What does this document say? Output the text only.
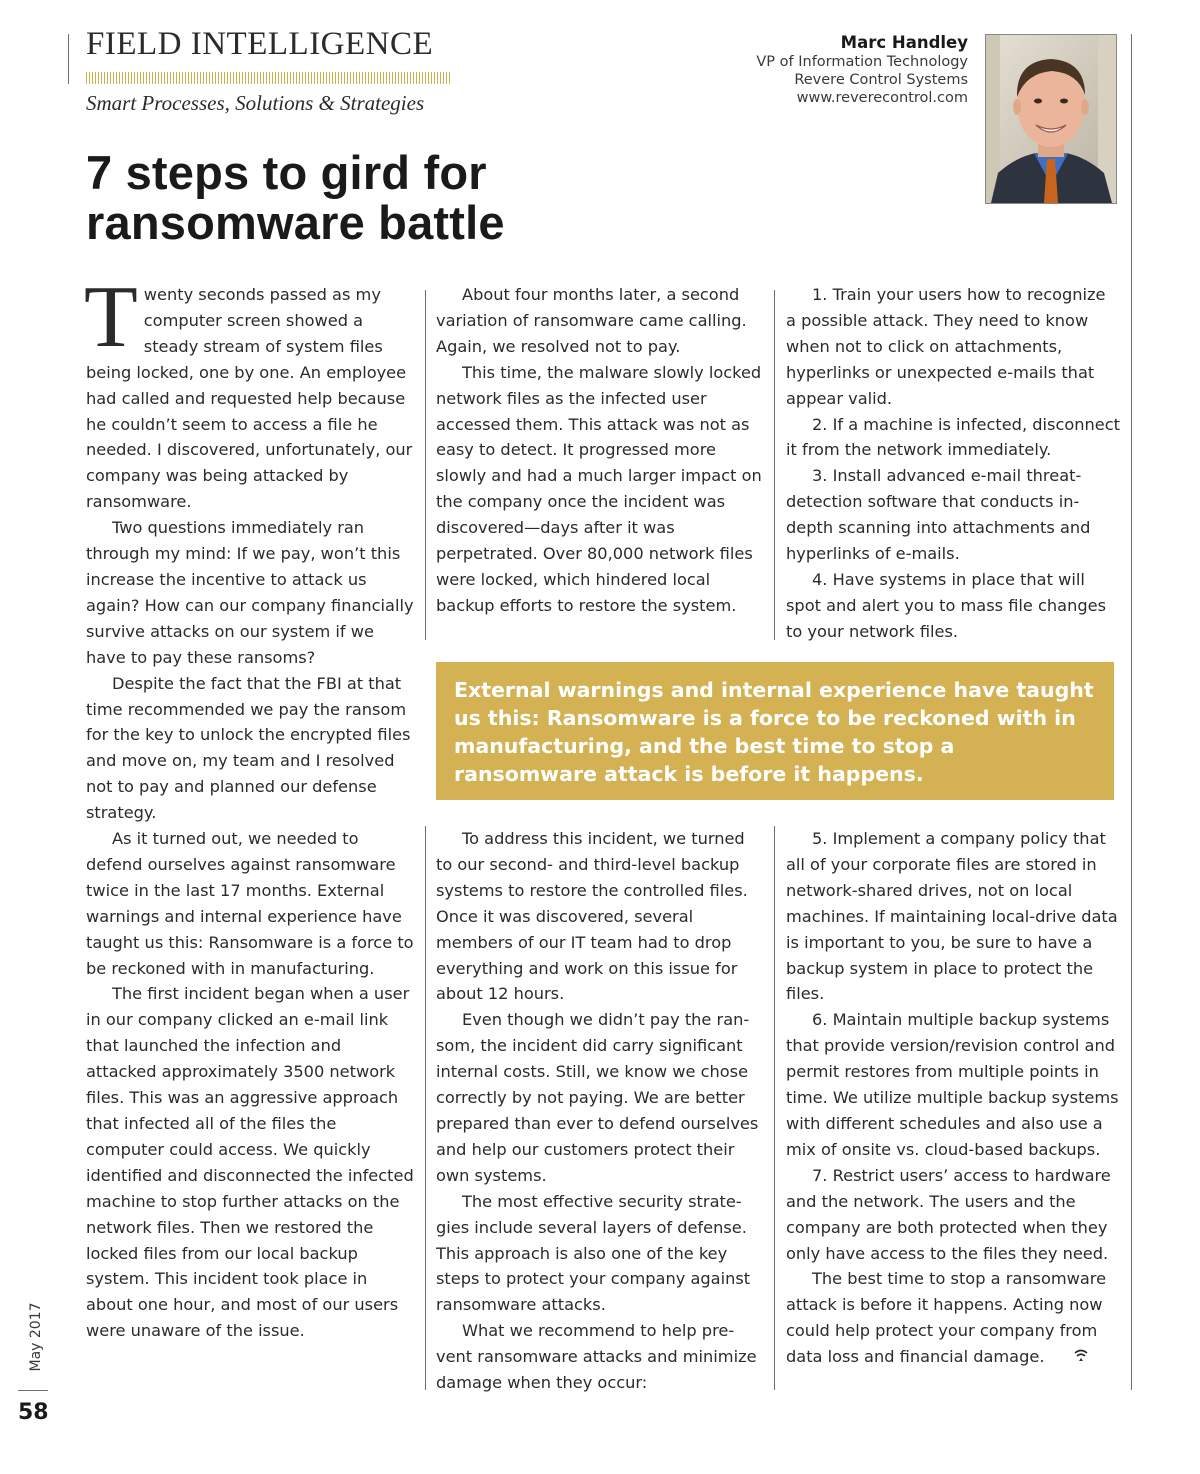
FIELD INTELLIGENCE

Smart Processes, Solutions & Strategies

Marc Handley
VP of Information Technology
Revere Control Systems
www.reverecontrol.com
7 steps to gird for
ransomware battle

Twenty seconds passed as my computer screen showed a steady stream of system files being locked, one by one. An employee had called and requested help because he couldn’t seem to access a file he needed. I discovered, unfortunately, our company was being attacked by ransomware.

Two questions immediately ran through my mind: If we pay, won’t this increase the incentive to attack us again? How can our company financially survive attacks on our system if we have to pay these ransoms?

Despite the fact that the FBI at that time recommended we pay the ransom for the key to unlock the encrypted files and move on, my team and I resolved not to pay and planned our defense strategy.

As it turned out, we needed to defend ourselves against ransomware twice in the last 17 months. External warnings and internal experience have taught us this: Ransomware is a force to be reckoned with in manufacturing.

The first incident began when a user in our company clicked an e-mail link that launched the infection and attacked approximately 3500 network files. This was an aggressive approach that infected all of the files the computer could access. We quickly identified and disconnected the infected machine to stop further attacks on the network files. Then we restored the locked files from our local backup system. This incident took place in about one hour, and most of our users were unaware of the issue.

About four months later, a second variation of ransomware came calling. Again, we resolved not to pay.

This time, the malware slowly locked network files as the infected user accessed them. This attack was not as easy to detect. It progressed more slowly and had a much larger impact on the company once the incident was discovered—days after it was perpetrated. Over 80,000 network files were locked, which hindered local backup efforts to restore the system.

1. Train your users how to recognize a possible attack. They need to know when not to click on attachments, hyperlinks or unexpected e-mails that appear valid.

2. If a machine is infected, disconnect it from the network immediately.

3. Install advanced e-mail threat-detection software that conducts in-depth scanning into attachments and hyperlinks of e-mails.

4. Have systems in place that will spot and alert you to mass file changes to your network files.

External warnings and internal experience have taught us this: Ransomware is a force to be reckoned with in manufacturing, and the best time to stop a ransomware attack is before it happens.

To address this incident, we turned to our second- and third-level backup systems to restore the controlled files. Once it was discovered, several members of our IT team had to drop everything and work on this issue for about 12 hours.

Even though we didn’t pay the ransom, the incident did carry significant internal costs. Still, we know we chose correctly by not paying. We are better prepared than ever to defend ourselves and help our customers protect their own systems.

The most effective security strategies include several layers of defense. This approach is also one of the key steps to protect your company against ransomware attacks.

What we recommend to help prevent ransomware attacks and minimize damage when they occur:

5. Implement a company policy that all of your corporate files are stored in network-shared drives, not on local machines. If maintaining local-drive data is important to you, be sure to have a backup system in place to protect the files.

6. Maintain multiple backup systems that provide version/revision control and permit restores from multiple points in time. We utilize multiple backup systems with different schedules and also use a mix of onsite vs. cloud-based backups.

7. Restrict users’ access to hardware and the network. The users and the company are both protected when they only have access to the files they need.

The best time to stop a ransomware attack is before it happens. Acting now could help protect your company from data loss and financial damage.

May 2017
58
